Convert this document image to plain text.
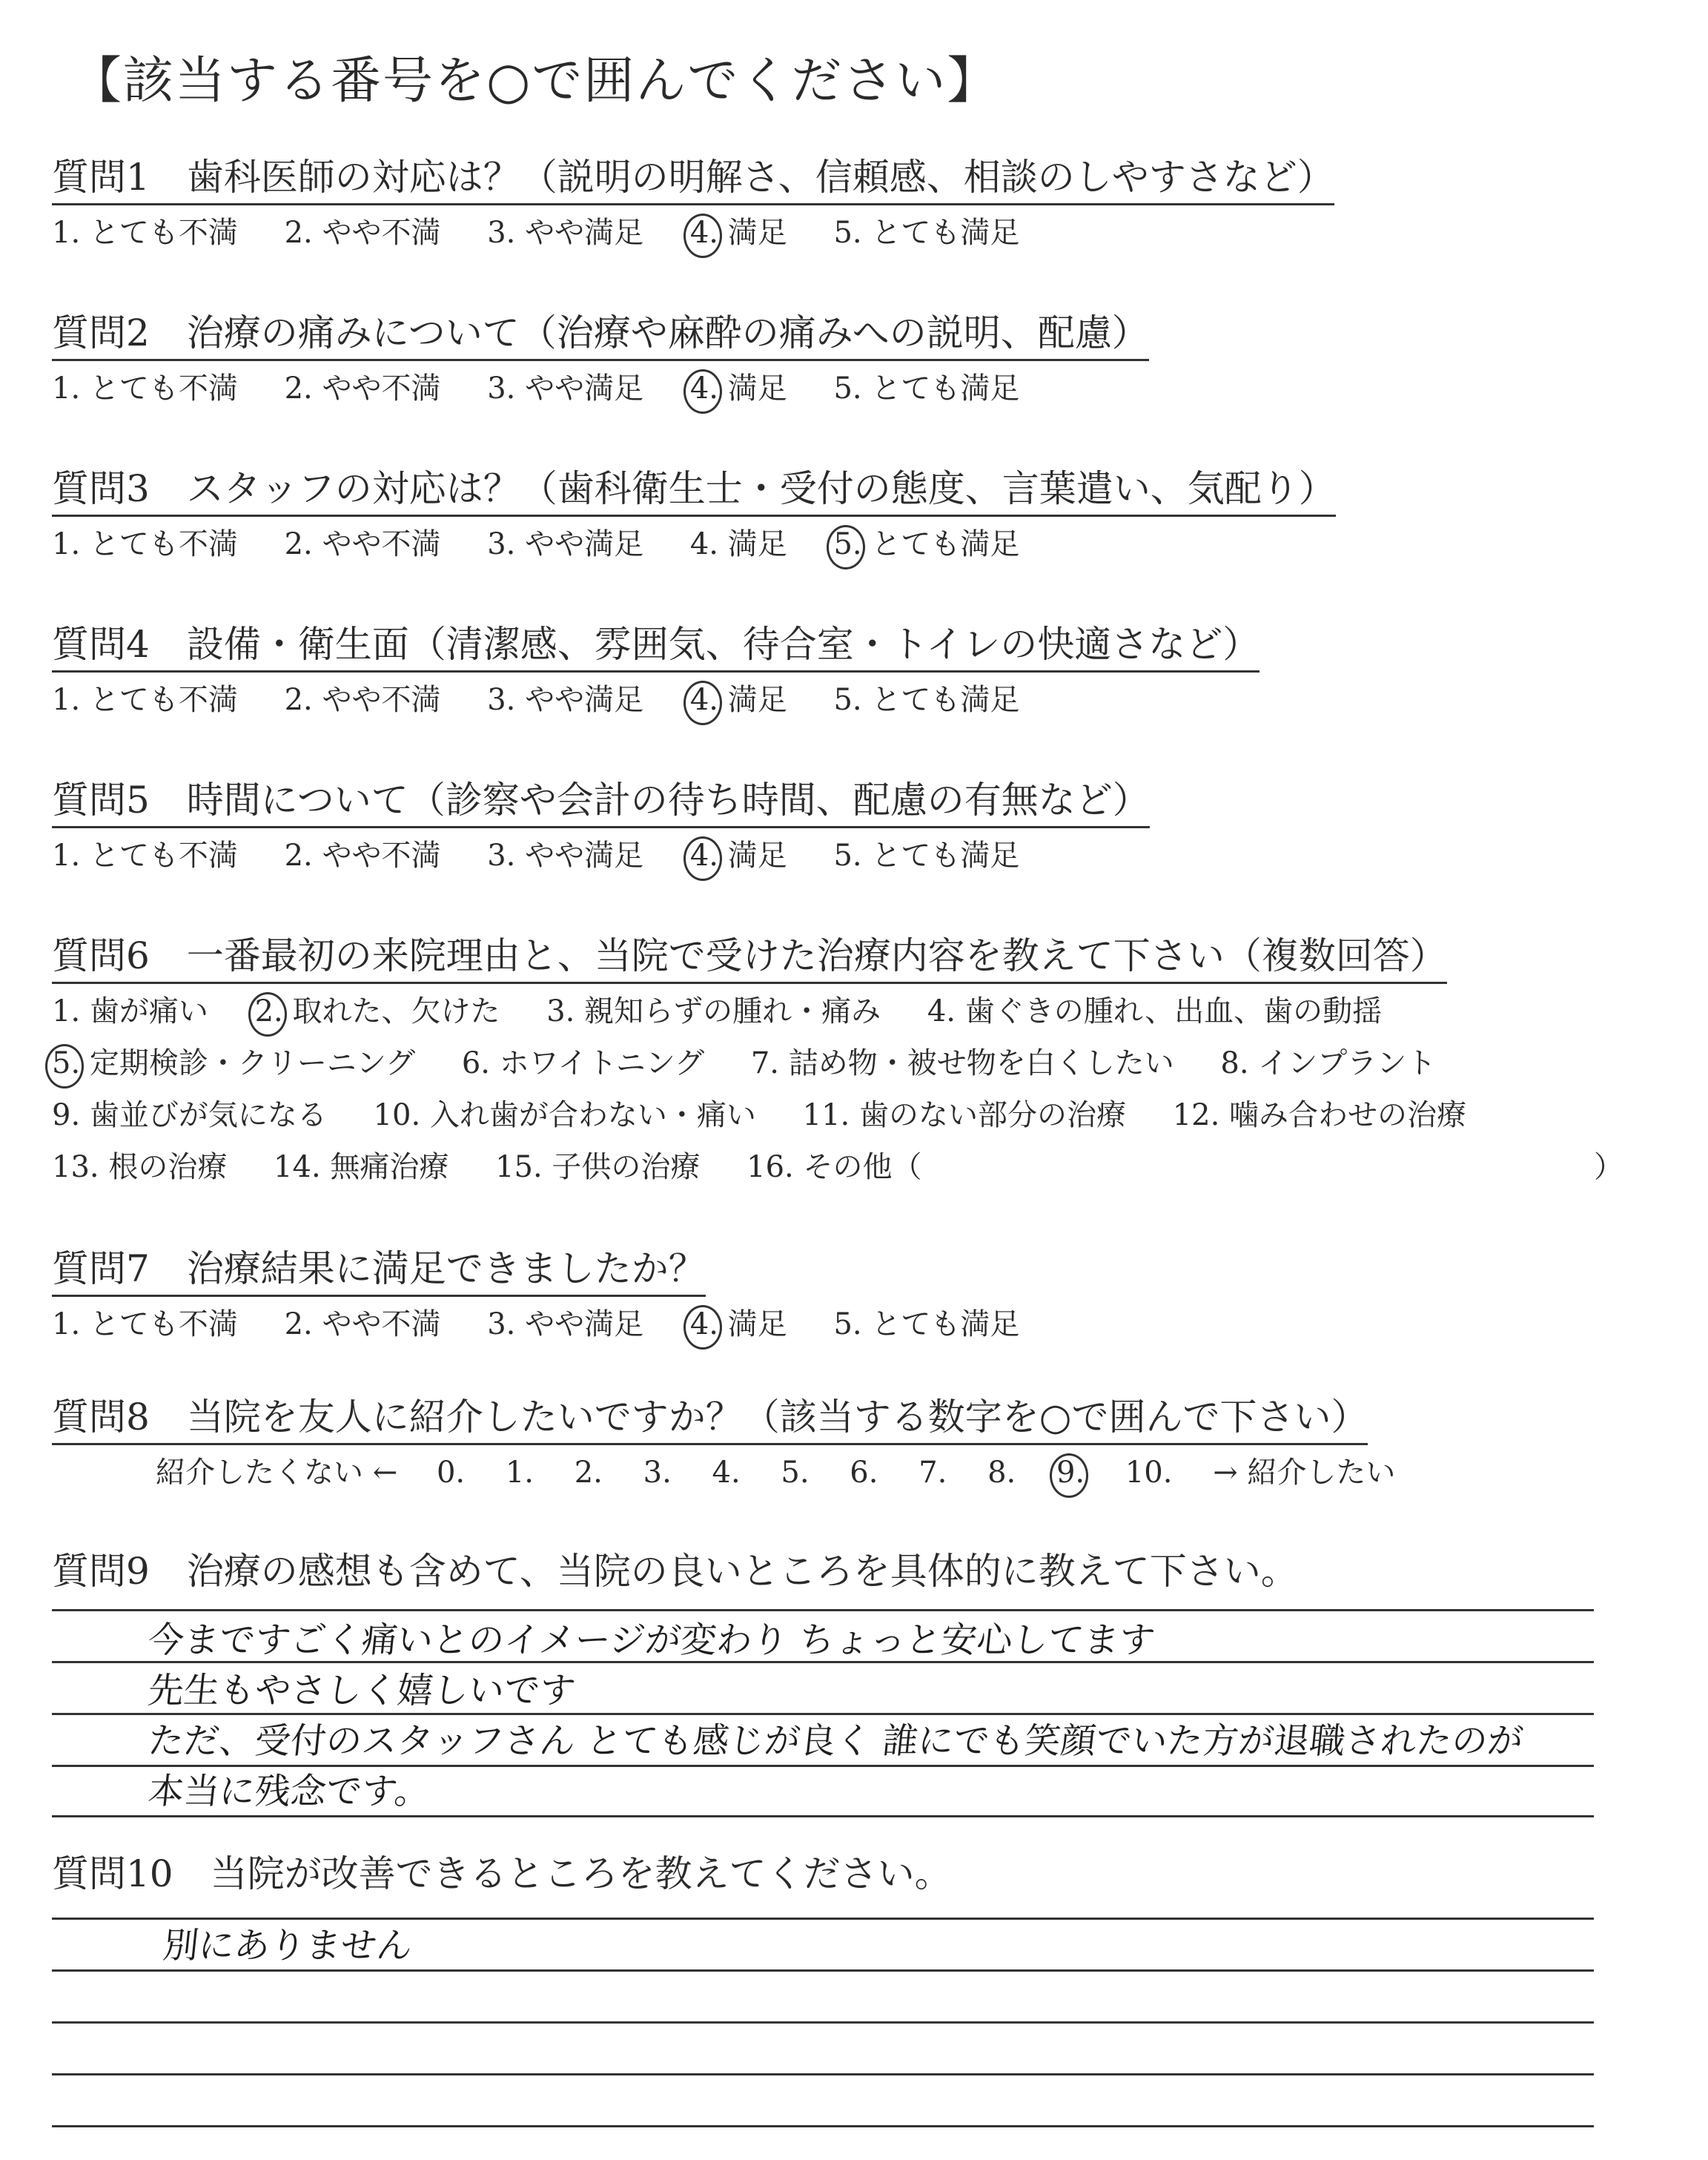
【該当する番号を○で囲んでください】
質問1　歯科医師の対応は？（説明の明解さ、信頼感、相談のしやすさなど）
1. とても不満 2. やや不満 3. やや満足 4. 満足 5. とても満足
質問2　治療の痛みについて（治療や麻酔の痛みへの説明、配慮）
1. とても不満 2. やや不満 3. やや満足 4. 満足 5. とても満足
質問3　スタッフの対応は？（歯科衛生士・受付の態度、言葉遣い、気配り）
1. とても不満 2. やや不満 3. やや満足 4. 満足 5. とても満足
質問4　設備・衛生面（清潔感、雰囲気、待合室・トイレの快適さなど）
1. とても不満 2. やや不満 3. やや満足 4. 満足 5. とても満足
質問5　時間について（診察や会計の待ち時間、配慮の有無など）
1. とても不満 2. やや不満 3. やや満足 4. 満足 5. とても満足
質問6　一番最初の来院理由と、当院で受けた治療内容を教えて下さい（複数回答）
1. 歯が痛い 2. 取れた、欠けた 3. 親知らずの腫れ・痛み 4. 歯ぐきの腫れ、出血、歯の動揺
5. 定期検診・クリーニング 6. ホワイトニング 7. 詰め物・被せ物を白くしたい 8. インプラント
9. 歯並びが気になる 10. 入れ歯が合わない・痛い 11. 歯のない部分の治療 12. 噛み合わせの治療
13. 根の治療 14. 無痛治療 15. 子供の治療 16. その他（	）
質問7　治療結果に満足できましたか？
1. とても不満 2. やや不満 3. やや満足 4. 満足 5. とても満足
質問8　当院を友人に紹介したいですか？（該当する数字を○で囲んで下さい）
紹介したくない ← 0. 1. 2. 3. 4. 5. 6. 7. 8. 9. 10. → 紹介したい
質問9　治療の感想も含めて、当院の良いところを具体的に教えて下さい。
今まですごく痛いとのイメージが変わり ちょっと安心してます
先生もやさしく嬉しいです
ただ、受付のスタッフさん とても感じが良く 誰にでも笑顔でいた方が退職されたのが
本当に残念です。
質問10　当院が改善できるところを教えてください。
別にありません
